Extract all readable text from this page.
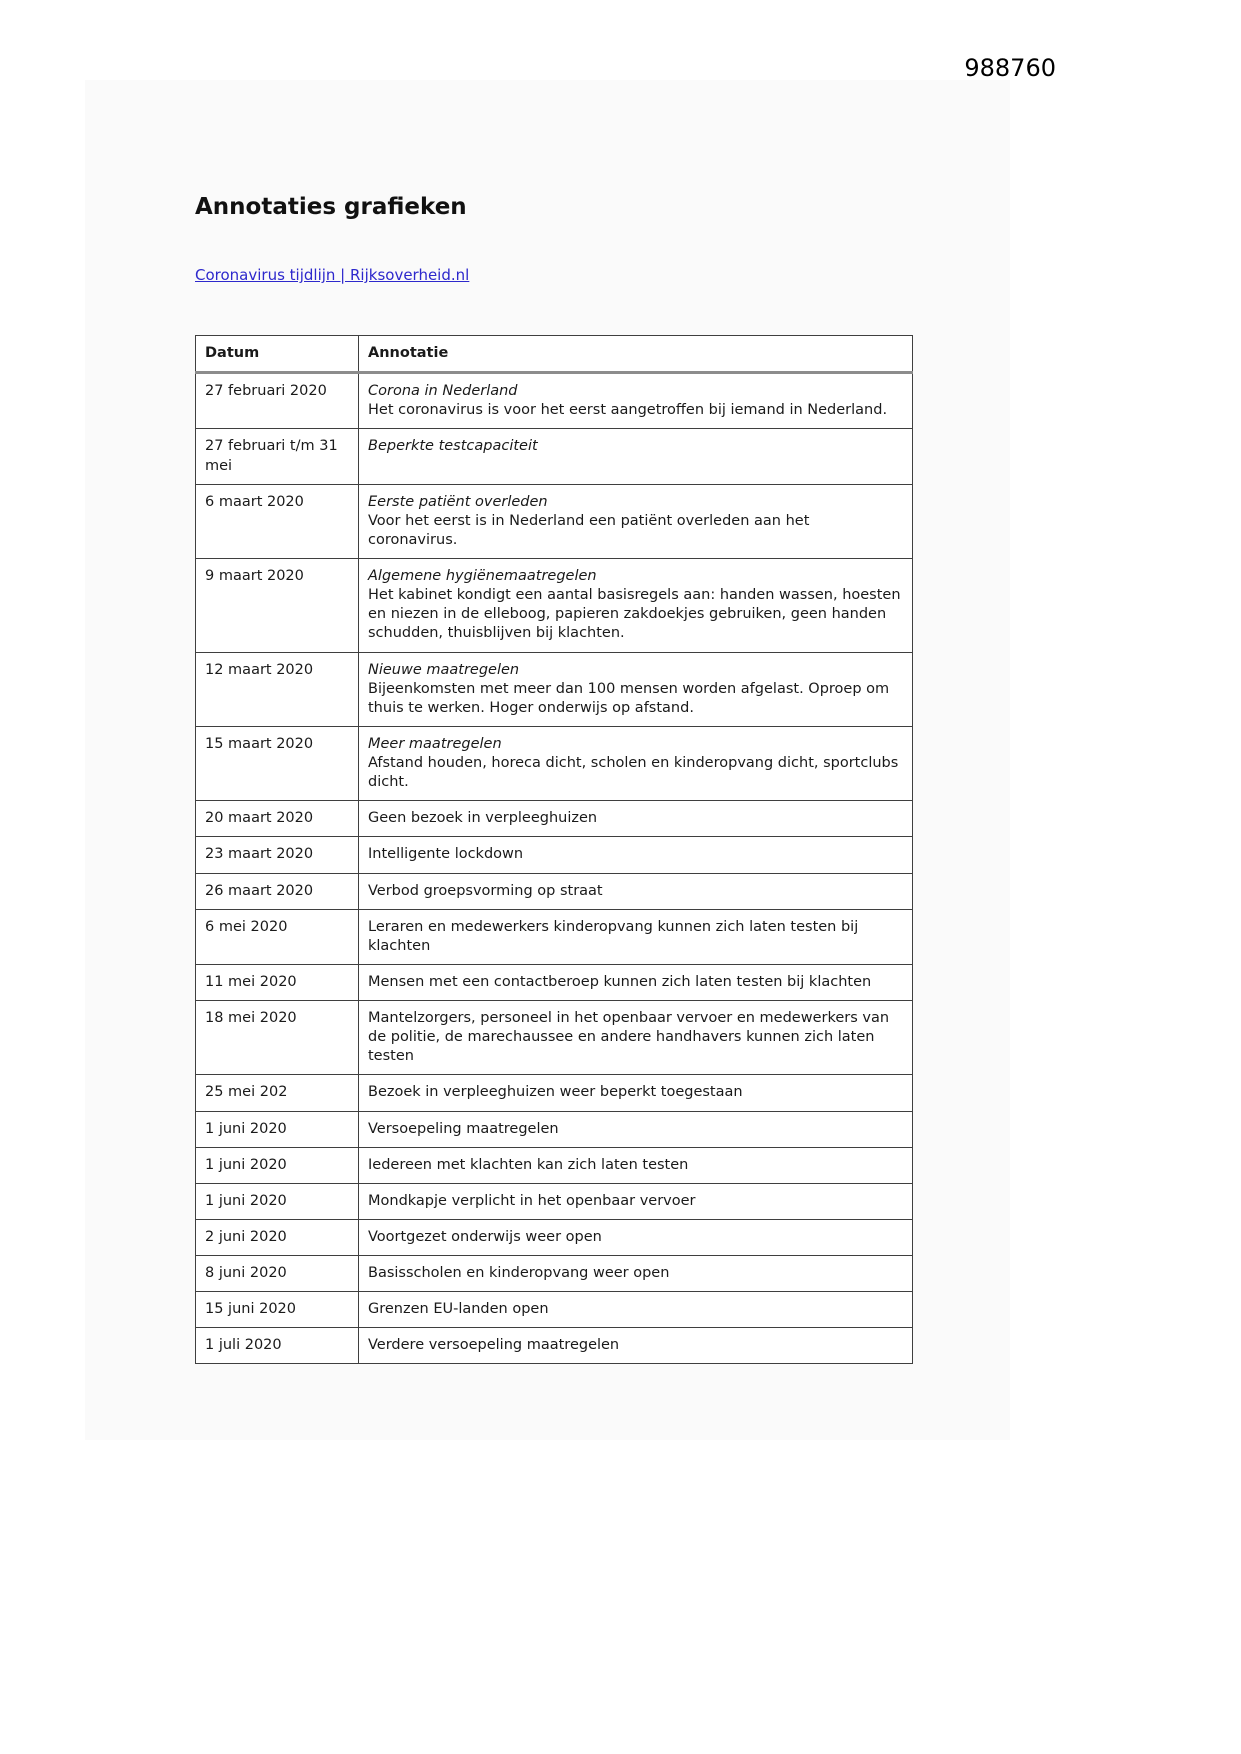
988760
Annotaties grafieken
Coronavirus tijdlijn | Rijksoverheid.nl
Datum	Annotatie
27 februari 2020	Corona in Nederland
Het coronavirus is voor het eerst aangetroffen bij iemand in Nederland.

27 februari t/m 31 mei	Beperkte testcapaciteit

6 maart 2020	Eerste patiënt overleden
Voor het eerst is in Nederland een patiënt overleden aan het coronavirus.

9 maart 2020	Algemene hygiënemaatregelen
Het kabinet kondigt een aantal basisregels aan: handen wassen, hoesten en niezen in de elleboog, papieren zakdoekjes gebruiken, geen handen schudden, thuisblijven bij klachten.

12 maart 2020	Nieuwe maatregelen
Bijeenkomsten met meer dan 100 mensen worden afgelast. Oproep om thuis te werken. Hoger onderwijs op afstand.

15 maart 2020	Meer maatregelen
Afstand houden, horeca dicht, scholen en kinderopvang dicht, sportclubs dicht.

20 maart 2020	Geen bezoek in verpleeghuizen

23 maart 2020	Intelligente lockdown

26 maart 2020	Verbod groepsvorming op straat

6 mei 2020	Leraren en medewerkers kinderopvang kunnen zich laten testen bij klachten

11 mei 2020	Mensen met een contactberoep kunnen zich laten testen bij klachten

18 mei 2020	Mantelzorgers, personeel in het openbaar vervoer en medewerkers van de politie, de marechaussee en andere handhavers kunnen zich laten testen

25 mei 202	Bezoek in verpleeghuizen weer beperkt toegestaan

1 juni 2020	Versoepeling maatregelen

1 juni 2020	Iedereen met klachten kan zich laten testen

1 juni 2020	Mondkapje verplicht in het openbaar vervoer

2 juni 2020	Voortgezet onderwijs weer open

8 juni 2020	Basisscholen en kinderopvang weer open

15 juni 2020	Grenzen EU-landen open

1 juli 2020	Verdere versoepeling maatregelen
